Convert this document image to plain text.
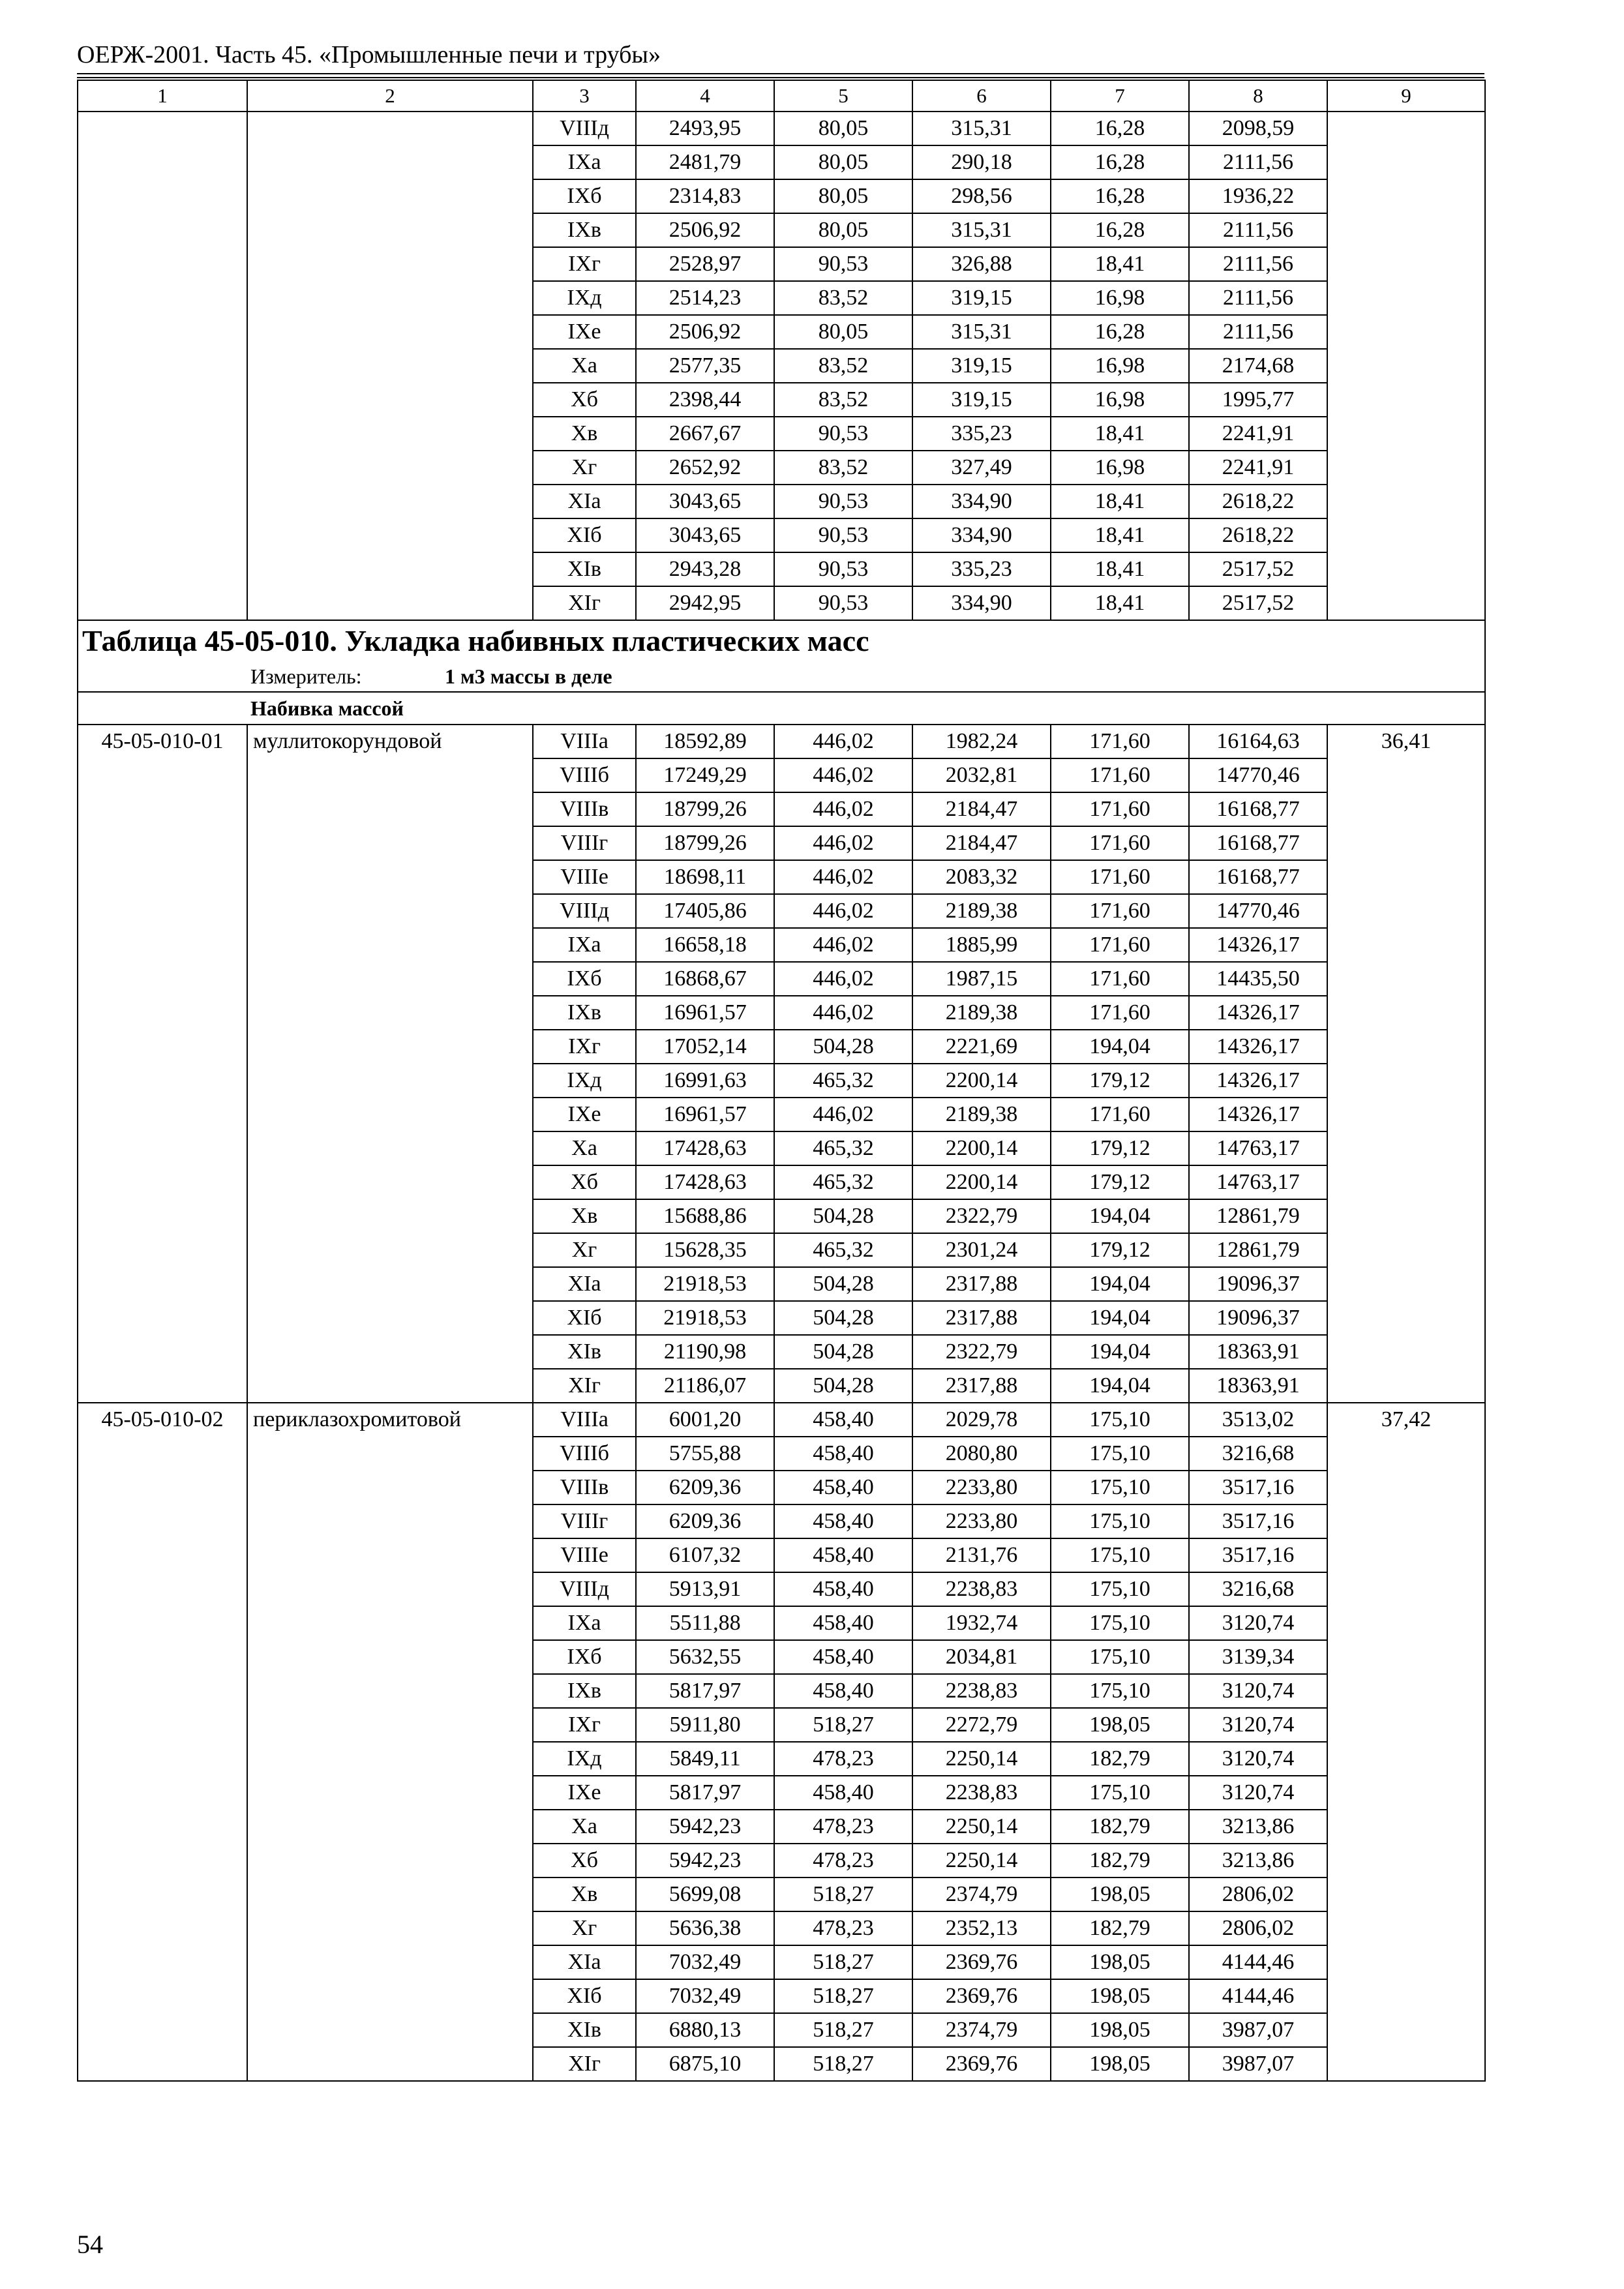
ОЕРЖ-2001. Часть 45. «Промышленные печи и трубы»
1	2	3	4	5	6	7	8	9
		VIIIд	2493,95	80,05	315,31	16,28	2098,59	
		IXа	2481,79	80,05	290,18	16,28	2111,56	
		IXб	2314,83	80,05	298,56	16,28	1936,22	
		IXв	2506,92	80,05	315,31	16,28	2111,56	
		IXг	2528,97	90,53	326,88	18,41	2111,56	
		IXд	2514,23	83,52	319,15	16,98	2111,56	
		IXе	2506,92	80,05	315,31	16,28	2111,56	
		Xа	2577,35	83,52	319,15	16,98	2174,68	
		Xб	2398,44	83,52	319,15	16,98	1995,77	
		Xв	2667,67	90,53	335,23	18,41	2241,91	
		Xг	2652,92	83,52	327,49	16,98	2241,91	
		XIа	3043,65	90,53	334,90	18,41	2618,22	
		XIб	3043,65	90,53	334,90	18,41	2618,22	
		XIв	2943,28	90,53	335,23	18,41	2517,52	
		XIг	2942,95	90,53	334,90	18,41	2517,52	
Таблица 45-05-010. Укладка набивных пластических масс								
Измеритель: 1 м3 массы в деле								
Набивка массой								
45-05-010-01	муллитокорундовой	VIIIа	18592,89	446,02	1982,24	171,60	16164,63	36,41
		VIIIб	17249,29	446,02	2032,81	171,60	14770,46	
		VIIIв	18799,26	446,02	2184,47	171,60	16168,77	
		VIIIг	18799,26	446,02	2184,47	171,60	16168,77	
		VIIIе	18698,11	446,02	2083,32	171,60	16168,77	
		VIIIд	17405,86	446,02	2189,38	171,60	14770,46	
		IXа	16658,18	446,02	1885,99	171,60	14326,17	
		IXб	16868,67	446,02	1987,15	171,60	14435,50	
		IXв	16961,57	446,02	2189,38	171,60	14326,17	
		IXг	17052,14	504,28	2221,69	194,04	14326,17	
		IXд	16991,63	465,32	2200,14	179,12	14326,17	
		IXе	16961,57	446,02	2189,38	171,60	14326,17	
		Xа	17428,63	465,32	2200,14	179,12	14763,17	
		Xб	17428,63	465,32	2200,14	179,12	14763,17	
		Xв	15688,86	504,28	2322,79	194,04	12861,79	
		Xг	15628,35	465,32	2301,24	179,12	12861,79	
		XIа	21918,53	504,28	2317,88	194,04	19096,37	
		XIб	21918,53	504,28	2317,88	194,04	19096,37	
		XIв	21190,98	504,28	2322,79	194,04	18363,91	
		XIг	21186,07	504,28	2317,88	194,04	18363,91	
45-05-010-02	периклазохромитовой	VIIIа	6001,20	458,40	2029,78	175,10	3513,02	37,42
		VIIIб	5755,88	458,40	2080,80	175,10	3216,68	
		VIIIв	6209,36	458,40	2233,80	175,10	3517,16	
		VIIIг	6209,36	458,40	2233,80	175,10	3517,16	
		VIIIе	6107,32	458,40	2131,76	175,10	3517,16	
		VIIIд	5913,91	458,40	2238,83	175,10	3216,68	
		IXа	5511,88	458,40	1932,74	175,10	3120,74	
		IXб	5632,55	458,40	2034,81	175,10	3139,34	
		IXв	5817,97	458,40	2238,83	175,10	3120,74	
		IXг	5911,80	518,27	2272,79	198,05	3120,74	
		IXд	5849,11	478,23	2250,14	182,79	3120,74	
		IXе	5817,97	458,40	2238,83	175,10	3120,74	
		Xа	5942,23	478,23	2250,14	182,79	3213,86	
		Xб	5942,23	478,23	2250,14	182,79	3213,86	
		Xв	5699,08	518,27	2374,79	198,05	2806,02	
		Xг	5636,38	478,23	2352,13	182,79	2806,02	
		XIа	7032,49	518,27	2369,76	198,05	4144,46	
		XIб	7032,49	518,27	2369,76	198,05	4144,46	
		XIв	6880,13	518,27	2374,79	198,05	3987,07	
		XIг	6875,10	518,27	2369,76	198,05	3987,07	
54
